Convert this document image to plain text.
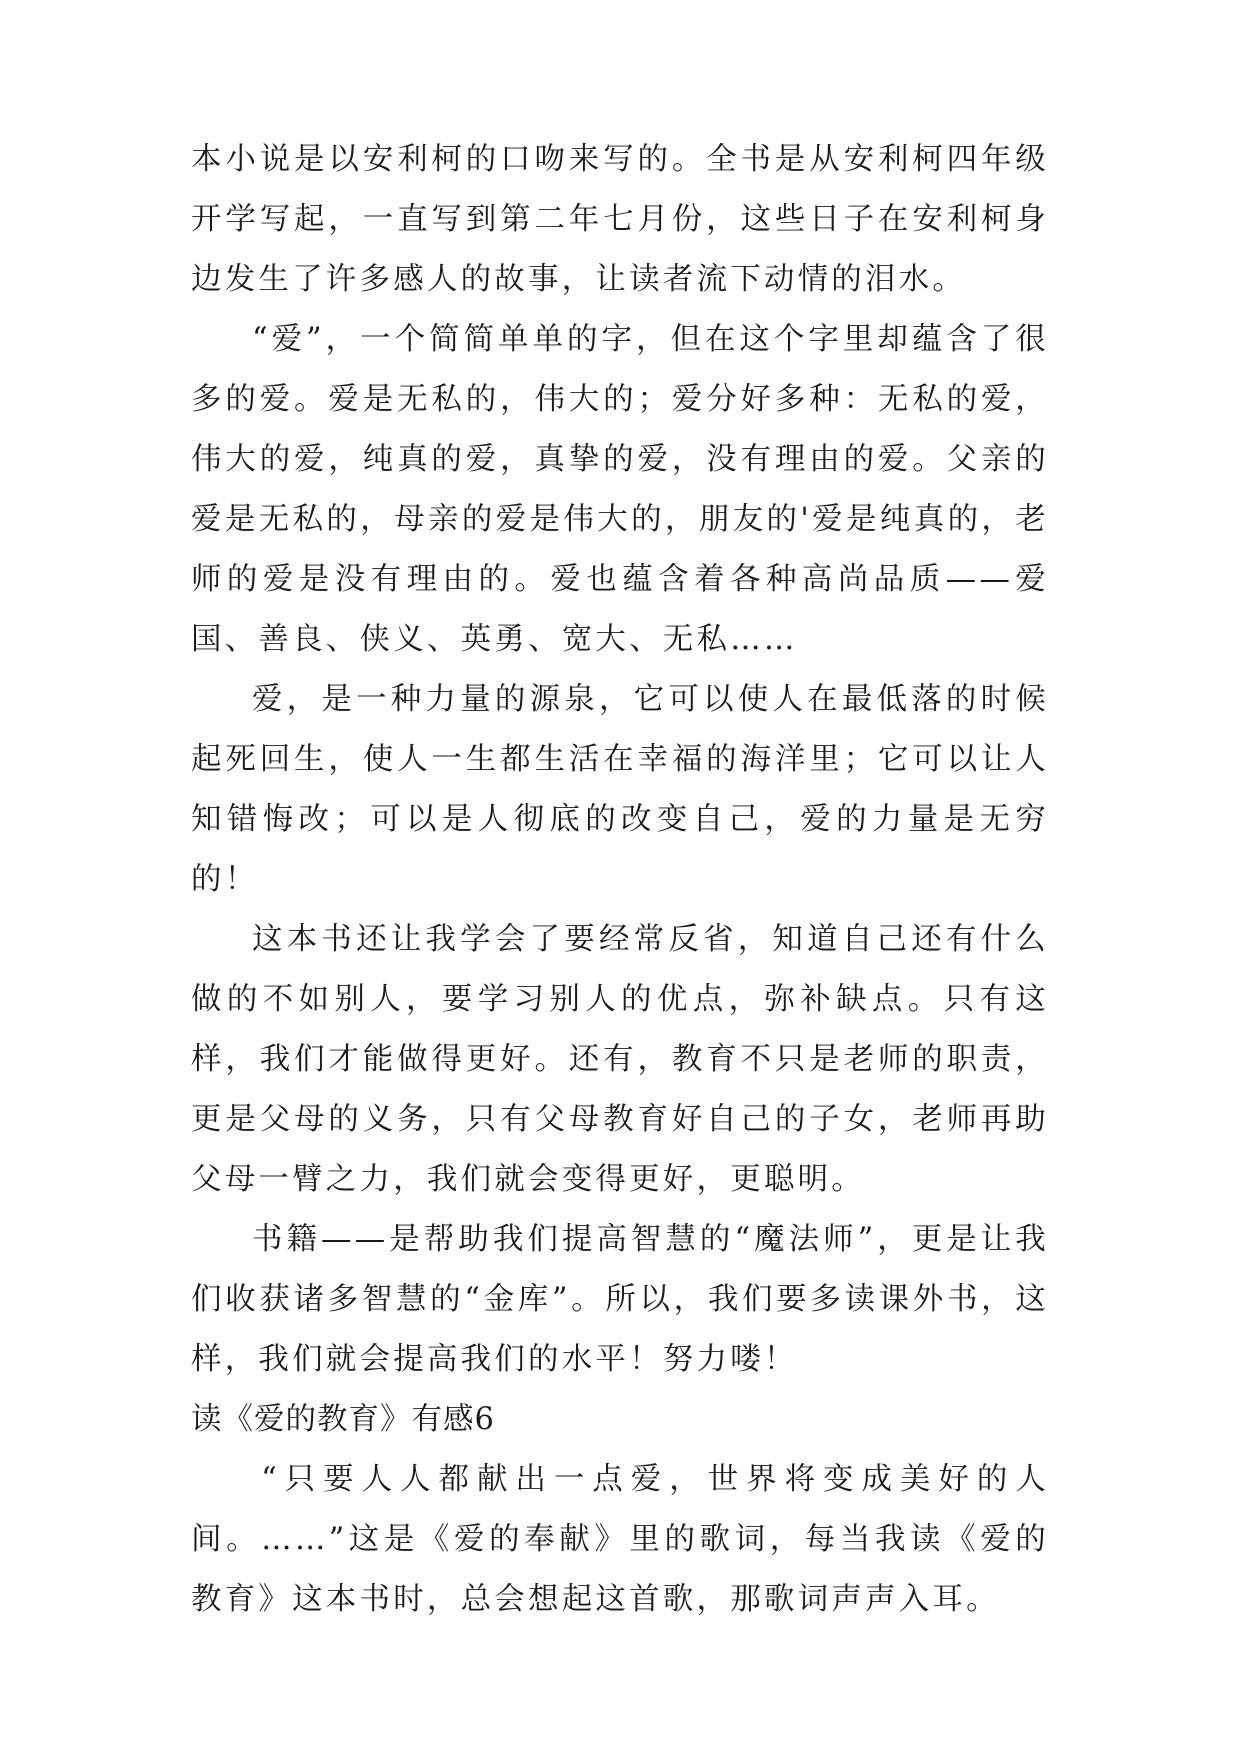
本小说是以安利柯的口吻来写的。全书是从安利柯四年级开学写起，一直写到第二年七月份，这些日子在安利柯身边发生了许多感人的故事，让读者流下动情的泪水。

“爱”，一个简简单单的字，但在这个字里却蕴含了很多的爱。爱是无私的，伟大的；爱分好多种：无私的爱，伟大的爱，纯真的爱，真挚的爱，没有理由的爱。父亲的爱是无私的，母亲的爱是伟大的，朋友的'爱是纯真的，老师的爱是没有理由的。爱也蕴含着各种高尚品质——爱国、善良、侠义、英勇、宽大、无私……

爱，是一种力量的源泉，它可以使人在最低落的时候起死回生，使人一生都生活在幸福的海洋里；它可以让人知错悔改；可以是人彻底的改变自己，爱的力量是无穷的！

这本书还让我学会了要经常反省，知道自己还有什么做的不如别人，要学习别人的优点，弥补缺点。只有这样，我们才能做得更好。还有，教育不只是老师的职责，更是父母的义务，只有父母教育好自己的子女，老师再助父母一臂之力，我们就会变得更好，更聪明。

书籍——是帮助我们提高智慧的“魔法师”，更是让我们收获诸多智慧的“金库”。所以，我们要多读课外书，这样，我们就会提高我们的水平！努力喽！

读《爱的教育》有感6

“只要人人都献出一点爱，世界将变成美好的人间。……”这是《爱的奉献》里的歌词，每当我读《爱的教育》这本书时，总会想起这首歌，那歌词声声入耳。
